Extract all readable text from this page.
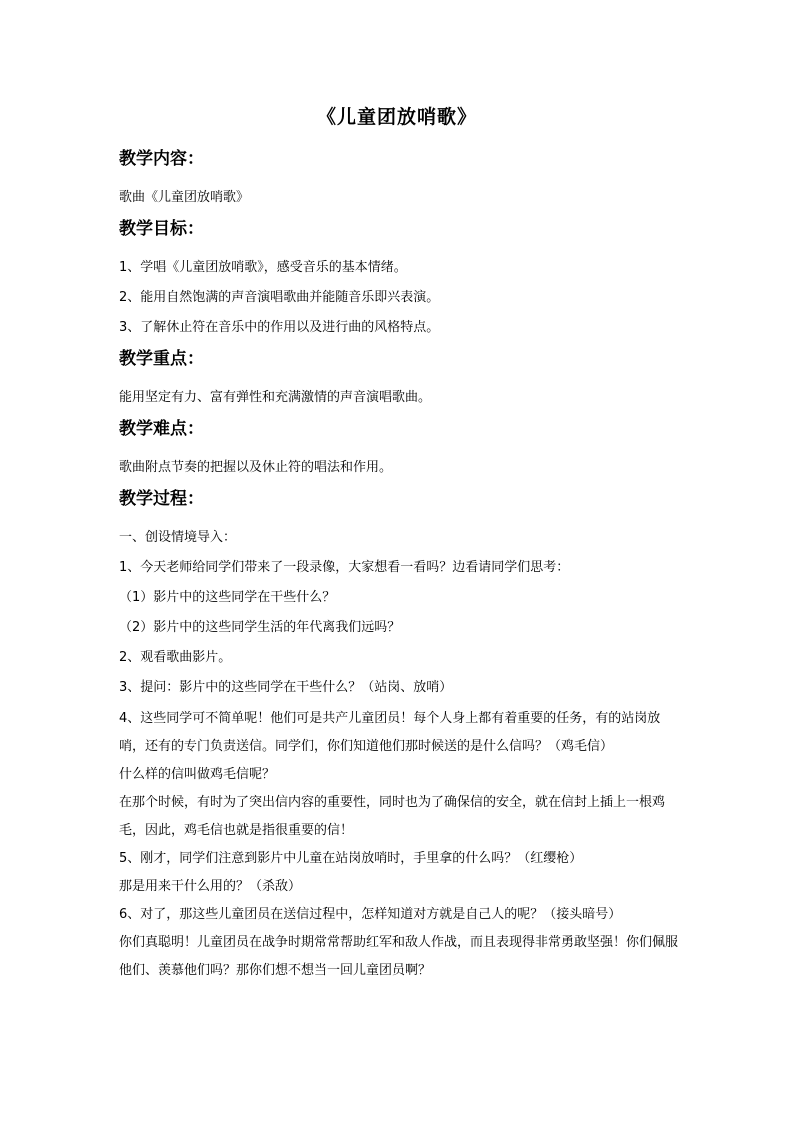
《儿童团放哨歌》
教学内容：
歌曲《儿童团放哨歌》
教学目标：
1、学唱《儿童团放哨歌》，感受音乐的基本情绪。
2、能用自然饱满的声音演唱歌曲并能随音乐即兴表演。
3、了解休止符在音乐中的作用以及进行曲的风格特点。
教学重点：
能用坚定有力、富有弹性和充满激情的声音演唱歌曲。
教学难点：
歌曲附点节奏的把握以及休止符的唱法和作用。
教学过程：
一、创设情境导入：
1、今天老师给同学们带来了一段录像，大家想看一看吗？边看请同学们思考：
（1）影片中的这些同学在干些什么？
（2）影片中的这些同学生活的年代离我们远吗？
2、观看歌曲影片。
3、提问：影片中的这些同学在干些什么？（站岗、放哨）
4、这些同学可不简单呢！他们可是共产儿童团员！每个人身上都有着重要的任务，有的站岗放哨，还有的专门负责送信。同学们，你们知道他们那时候送的是什么信吗？（鸡毛信）
什么样的信叫做鸡毛信呢？
在那个时候，有时为了突出信内容的重要性，同时也为了确保信的安全，就在信封上插上一根鸡毛，因此，鸡毛信也就是指很重要的信！
5、刚才，同学们注意到影片中儿童在站岗放哨时，手里拿的什么吗？（红缨枪）
那是用来干什么用的？（杀敌）
6、对了，那这些儿童团员在送信过程中，怎样知道对方就是自己人的呢？（接头暗号）
你们真聪明！儿童团员在战争时期常常帮助红军和敌人作战，而且表现得非常勇敢坚强！你们佩服他们、羡慕他们吗？那你们想不想当一回儿童团员啊？
